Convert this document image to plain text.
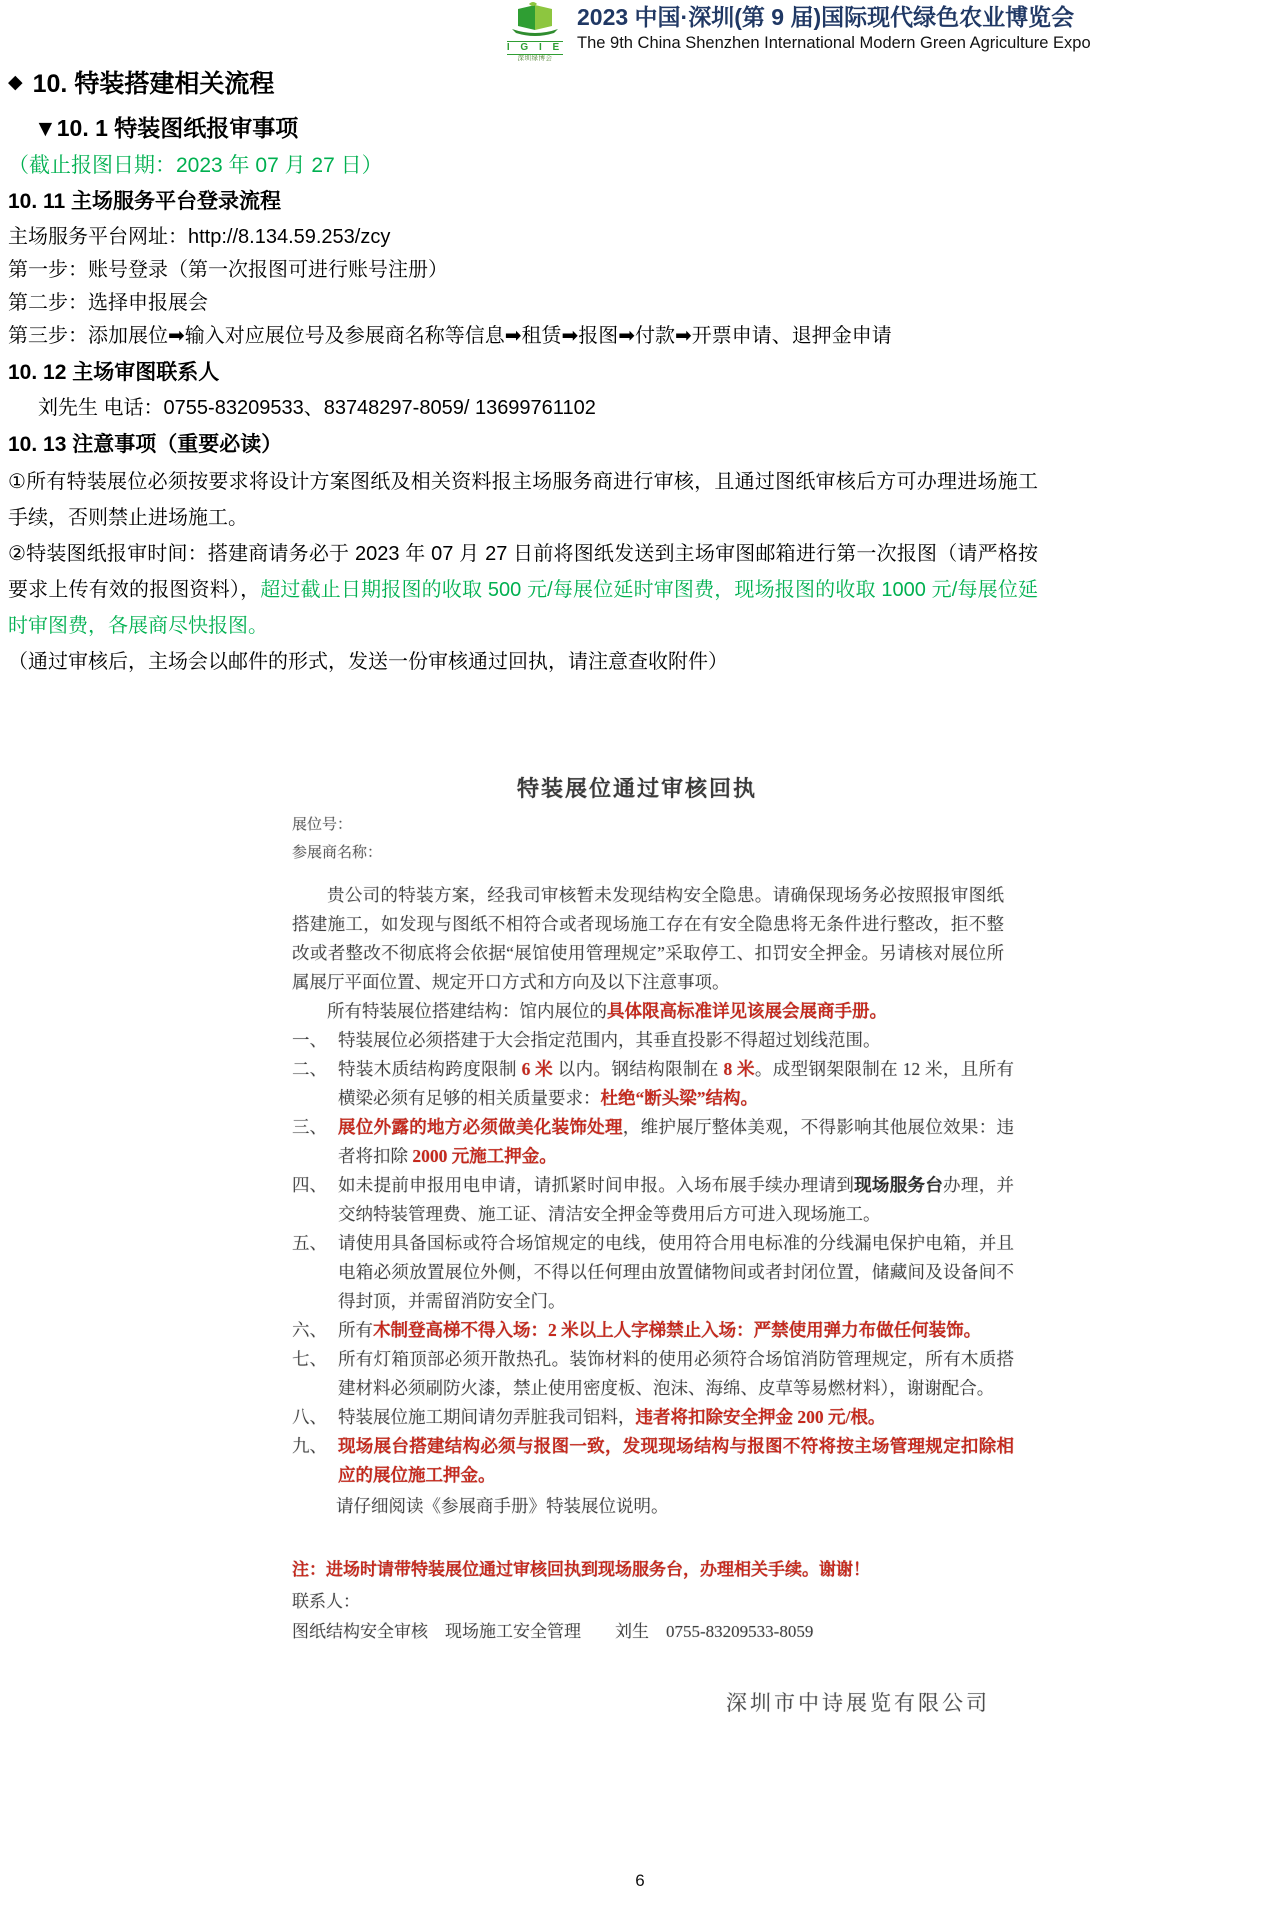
I G I E
深圳绿博会
2023 中国·深圳(第 9 届)国际现代绿色农业博览会
The 9th China Shenzhen International Modern Green Agriculture Expo
◆ 10. 特装搭建相关流程
▼10. 1 特装图纸报审事项
（截止报图日期：2023 年 07 月 27 日）
10. 11 主场服务平台登录流程

主场服务平台网址：http://8.134.59.253/zcy

第一步：账号登录（第一次报图可进行账号注册）

第二步：选择申报展会

第三步：添加展位➡输入对应展位号及参展商名称等信息➡租赁➡报图➡付款➡开票申请、退押金申请

10. 12 主场审图联系人

刘先生 电话：0755-83209533、83748297-8059/ 13699761102

10. 13 注意事项（重要必读）

①所有特装展位必须按要求将设计方案图纸及相关资料报主场服务商进行审核，且通过图纸审核后方可办理进场施工手续，否则禁止进场施工。

②特装图纸报审时间：搭建商请务必于 2023 年 07 月 27 日前将图纸发送到主场审图邮箱进行第一次报图（请严格按要求上传有效的报图资料），超过截止日期报图的收取 500 元/每展位延时审图费，现场报图的收取 1000 元/每展位延时审图费，各展商尽快报图。

（通过审核后，主场会以邮件的形式，发送一份审核通过回执，请注意查收附件）

特装展位通过审核回执
展位号：
参展商名称：

贵公司的特装方案，经我司审核暂未发现结构安全隐患。请确保现场务必按照报审图纸搭建施工，如发现与图纸不相符合或者现场施工存在有安全隐患将无条件进行整改，拒不整改或者整改不彻底将会依据“展馆使用管理规定”采取停工、扣罚安全押金。另请核对展位所属展厅平面位置、规定开口方式和方向及以下注意事项。

所有特装展位搭建结构：馆内展位的具体限高标准详见该展会展商手册。

一、 特装展位必须搭建于大会指定范围内，其垂直投影不得超过划线范围。
二、 特装木质结构跨度限制 6 米 以内。钢结构限制在 8 米。成型钢架限制在 12 米，且所有横梁必须有足够的相关质量要求：杜绝“断头梁”结构。
三、 展位外露的地方必须做美化装饰处理，维护展厅整体美观，不得影响其他展位效果：违者将扣除 2000 元施工押金。
四、 如未提前申报用电申请，请抓紧时间申报。入场布展手续办理请到现场服务台办理，并交纳特装管理费、施工证、清洁安全押金等费用后方可进入现场施工。
五、 请使用具备国标或符合场馆规定的电线，使用符合用电标准的分线漏电保护电箱，并且电箱必须放置展位外侧，不得以任何理由放置储物间或者封闭位置，储藏间及设备间不得封顶，并需留消防安全门。
六、 所有木制登高梯不得入场：2 米以上人字梯禁止入场：严禁使用弹力布做任何装饰。
七、 所有灯箱顶部必须开散热孔。装饰材料的使用必须符合场馆消防管理规定，所有木质搭建材料必须刷防火漆，禁止使用密度板、泡沫、海绵、皮草等易燃材料），谢谢配合。
八、 特装展位施工期间请勿弄脏我司铝料，违者将扣除安全押金 200 元/根。
九、 现场展台搭建结构必须与报图一致，发现现场结构与报图不符将按主场管理规定扣除相应的展位施工押金。

请仔细阅读《参展商手册》特装展位说明。

注：进场时请带特装展位通过审核回执到现场服务台，办理相关手续。谢谢！

联系人：

图纸结构安全审核　现场施工安全管理　　刘生　0755-83209533-8059

深圳市中诗展览有限公司

6
